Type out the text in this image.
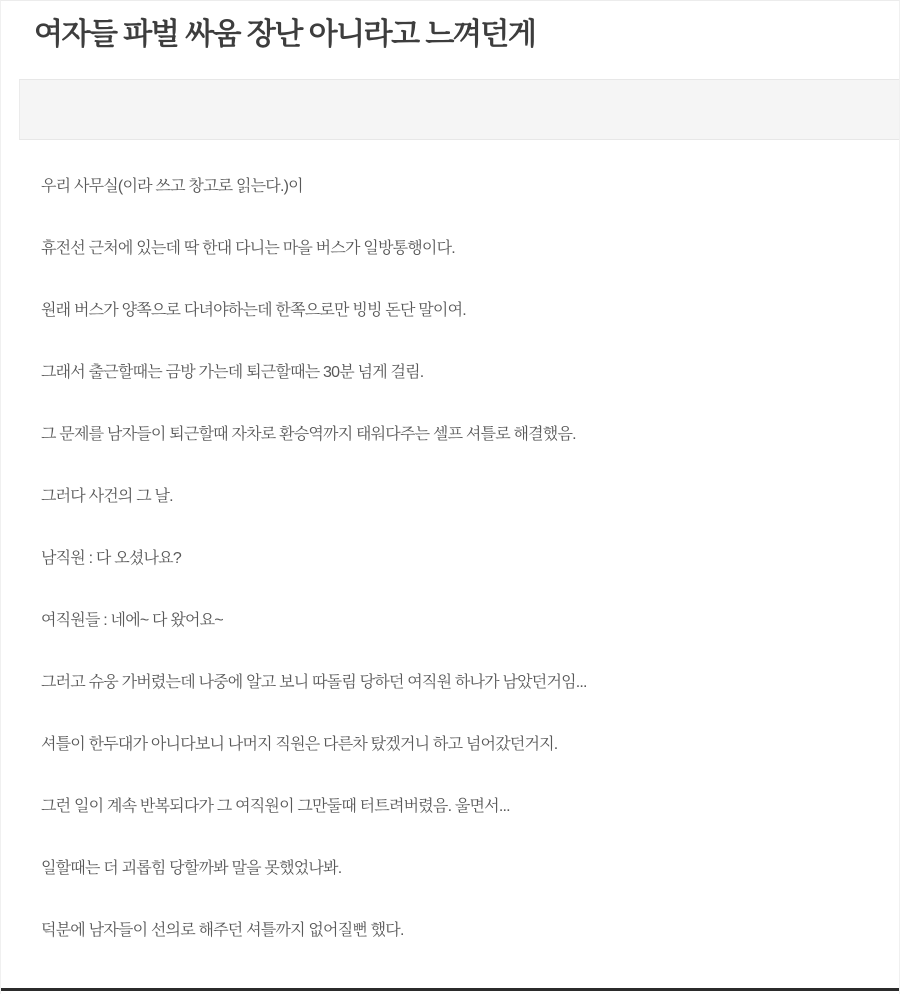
여자들 파벌 싸움 장난 아니라고 느껴던게

우리 사무실(이라 쓰고 창고로 읽는다.)이

휴전선 근처에 있는데 딱 한대 다니는 마을 버스가 일방통행이다.

원래 버스가 양쪽으로 다녀야하는데 한쪽으로만 빙빙 돈단 말이여.

그래서 출근할때는 금방 가는데 퇴근할때는 30분 넘게 걸림.

그 문제를 남자들이 퇴근할때 자차로 환승역까지 태워다주는 셀프 셔틀로 해결했음.

그러다 사건의 그 날.

남직원 : 다 오셨나요?

여직원들 : 네에~ 다 왔어요~

그러고 슈웅 가버렸는데 나중에 알고 보니 따돌림 당하던 여직원 하나가 남았던거임...

셔틀이 한두대가 아니다보니 나머지 직원은 다른차 탔겠거니 하고 넘어갔던거지.

그런 일이 계속 반복되다가 그 여직원이 그만둘때 터트려버렸음. 울면서...

일할때는 더 괴롭힘 당할까봐 말을 못했었나봐.

덕분에 남자들이 선의로 해주던 셔틀까지 없어질뻔 했다.
